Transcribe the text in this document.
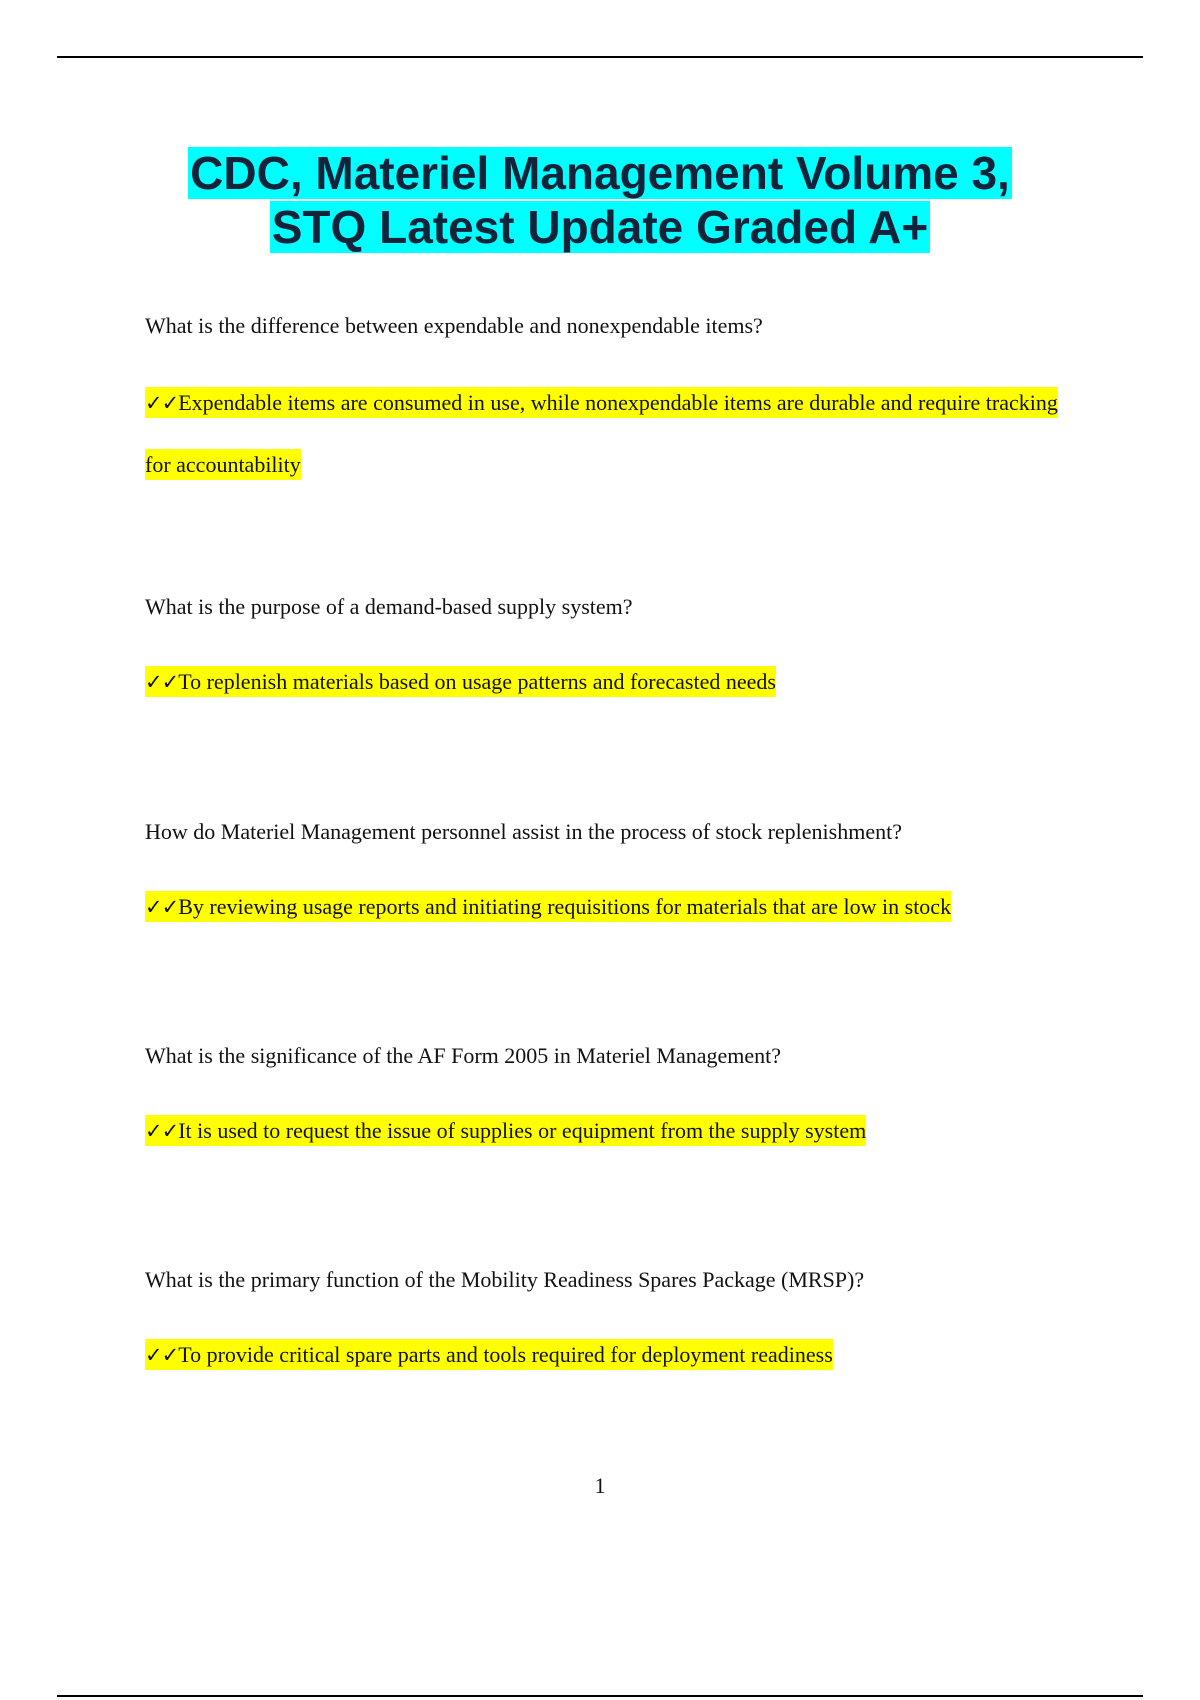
CDC, Materiel Management Volume 3,
STQ Latest Update Graded A+
What is the difference between expendable and nonexpendable items?
✓✓Expendable items are consumed in use, while nonexpendable items are durable and require tracking for accountability
What is the purpose of a demand-based supply system?
✓✓To replenish materials based on usage patterns and forecasted needs
How do Materiel Management personnel assist in the process of stock replenishment?
✓✓By reviewing usage reports and initiating requisitions for materials that are low in stock
What is the significance of the AF Form 2005 in Materiel Management?
✓✓It is used to request the issue of supplies or equipment from the supply system
What is the primary function of the Mobility Readiness Spares Package (MRSP)?
✓✓To provide critical spare parts and tools required for deployment readiness
1
